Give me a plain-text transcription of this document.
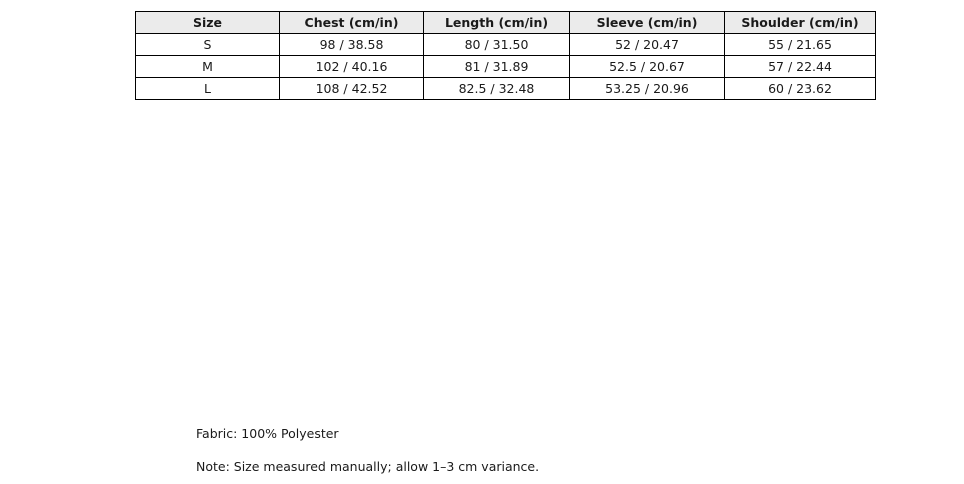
Size	Chest (cm/in)	Length (cm/in)	Sleeve (cm/in)	Shoulder (cm/in)
S	98 / 38.58	80 / 31.50	52 / 20.47	55 / 21.65
M	102 / 40.16	81 / 31.89	52.5 / 20.67	57 / 22.44
L	108 / 42.52	82.5 / 32.48	53.25 / 20.96	60 / 23.62

Fabric: 100% Polyester

Note: Size measured manually; allow 1–3 cm variance.
